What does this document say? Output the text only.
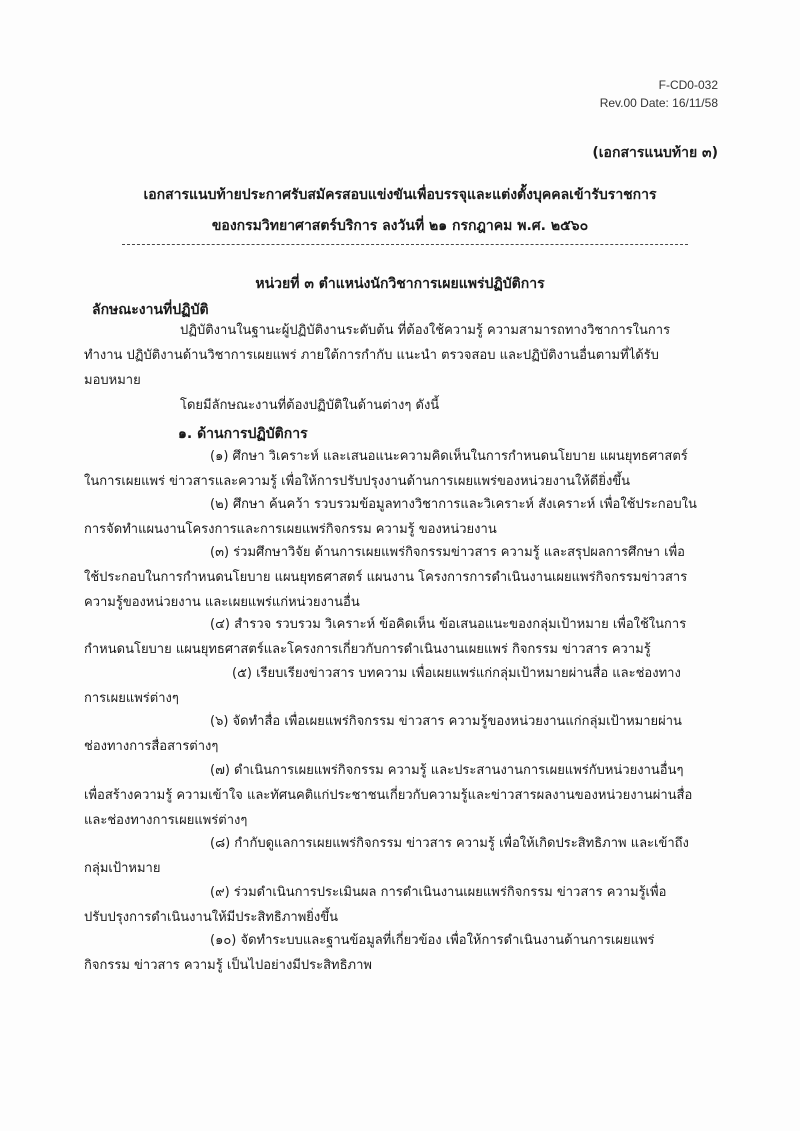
F-CD0-032
Rev.00 Date: 16/11/58
(เอกสารแนบท้าย ๓)
เอกสารแนบท้ายประกาศรับสมัครสอบแข่งขันเพื่อบรรจุและแต่งตั้งบุคคลเข้ารับราชการ
ของกรมวิทยาศาสตร์บริการ ลงวันที่ ๒๑ กรกฎาคม พ.ศ. ๒๕๖๐
หน่วยที่ ๓ ตำแหน่งนักวิชาการเผยแพร่ปฏิบัติการ
ลักษณะงานที่ปฏิบัติ
ปฏิบัติงานในฐานะผู้ปฏิบัติงานระดับต้น ที่ต้องใช้ความรู้ ความสามารถทางวิชาการในการ
ทำงาน ปฏิบัติงานด้านวิชาการเผยแพร่ ภายใต้การกำกับ แนะนำ ตรวจสอบ และปฏิบัติงานอื่นตามที่ได้รับ
มอบหมาย
โดยมีลักษณะงานที่ต้องปฏิบัติในด้านต่างๆ ดังนี้
๑. ด้านการปฏิบัติการ
(๑) ศึกษา วิเคราะห์ และเสนอแนะความคิดเห็นในการกำหนดนโยบาย แผนยุทธศาสตร์
ในการเผยแพร่ ข่าวสารและความรู้ เพื่อให้การปรับปรุงงานด้านการเผยแพร่ของหน่วยงานให้ดียิ่งขึ้น
(๒) ศึกษา ค้นคว้า รวบรวมข้อมูลทางวิชาการและวิเคราะห์ สังเคราะห์ เพื่อใช้ประกอบใน
การจัดทำแผนงานโครงการและการเผยแพร่กิจกรรม ความรู้ ของหน่วยงาน
(๓) ร่วมศึกษาวิจัย ด้านการเผยแพร่กิจกรรมข่าวสาร ความรู้ และสรุปผลการศึกษา เพื่อ
ใช้ประกอบในการกำหนดนโยบาย แผนยุทธศาสตร์ แผนงาน โครงการการดำเนินงานเผยแพร่กิจกรรมข่าวสาร
ความรู้ของหน่วยงาน และเผยแพร่แก่หน่วยงานอื่น
(๔) สำรวจ รวบรวม วิเคราะห์ ข้อคิดเห็น ข้อเสนอแนะของกลุ่มเป้าหมาย เพื่อใช้ในการ
กำหนดนโยบาย แผนยุทธศาสตร์และโครงการเกี่ยวกับการดำเนินงานเผยแพร่ กิจกรรม ข่าวสาร ความรู้
(๕) เรียบเรียงข่าวสาร บทความ เพื่อเผยแพร่แก่กลุ่มเป้าหมายผ่านสื่อ และช่องทาง
การเผยแพร่ต่างๆ
(๖) จัดทำสื่อ เพื่อเผยแพร่กิจกรรม ข่าวสาร ความรู้ของหน่วยงานแก่กลุ่มเป้าหมายผ่าน
ช่องทางการสื่อสารต่างๆ
(๗) ดำเนินการเผยแพร่กิจกรรม ความรู้ และประสานงานการเผยแพร่กับหน่วยงานอื่นๆ
เพื่อสร้างความรู้ ความเข้าใจ และทัศนคติแก่ประชาชนเกี่ยวกับความรู้และข่าวสารผลงานของหน่วยงานผ่านสื่อ
และช่องทางการเผยแพร่ต่างๆ
(๘) กำกับดูแลการเผยแพร่กิจกรรม ข่าวสาร ความรู้ เพื่อให้เกิดประสิทธิภาพ และเข้าถึง
กลุ่มเป้าหมาย
(๙) ร่วมดำเนินการประเมินผล การดำเนินงานเผยแพร่กิจกรรม ข่าวสาร ความรู้เพื่อ
ปรับปรุงการดำเนินงานให้มีประสิทธิภาพยิ่งขึ้น
(๑๐) จัดทำระบบและฐานข้อมูลที่เกี่ยวข้อง เพื่อให้การดำเนินงานด้านการเผยแพร่
กิจกรรม ข่าวสาร ความรู้ เป็นไปอย่างมีประสิทธิภาพ
